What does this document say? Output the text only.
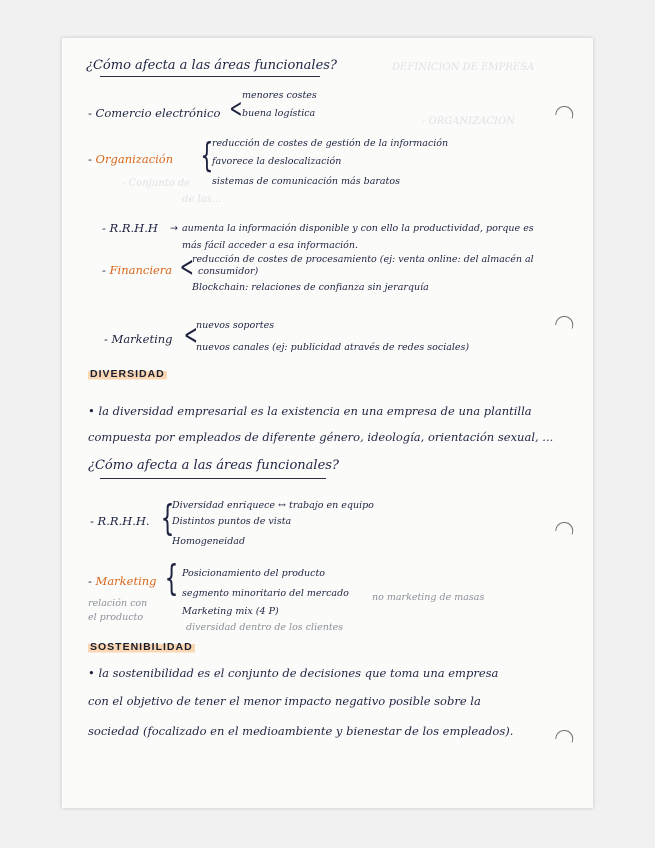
DEFINICIÓN DE EMPRESA
- ORGANIZACIÓN
- Conjunto de
de las...
¿Cómo afecta a las áreas funcionales?
- Comercio electrónico < menores costes
buena logística
- Organización {
reducción de costes de gestión de la información
favorece la deslocalización
sistemas de comunicación más baratos
- R.R.H.H → aumenta la información disponible y con ello la productividad, porque es
más fácil acceder a esa información.
- Financiera <
reducción de costes de procesamiento (ej: venta online: del almacén al
consumidor)
Blockchain: relaciones de confianza sin jerarquía
- Marketing <
nuevos soportes
nuevos canales (ej: publicidad através de redes sociales)
DIVERSIDAD
• la diversidad empresarial es la existencia en una empresa de una plantilla
compuesta por empleados de diferente género, ideología, orientación sexual, ...
¿Cómo afecta a las áreas funcionales?
- R.R.H.H. {
Diversidad enriquece ↔ trabajo en equipo
Distintos puntos de vista
Homogeneidad
- Marketing { Posicionamiento del producto
segmento minoritario del mercado no marketing de masas
Marketing mix (4 P)
relación con
el producto
diversidad dentro de los clientes
SOSTENIBILIDAD
• la sostenibilidad es el conjunto de decisiones que toma una empresa
con el objetivo de tener el menor impacto negativo posible sobre la
sociedad (focalizado en el medioambiente y bienestar de los empleados).
